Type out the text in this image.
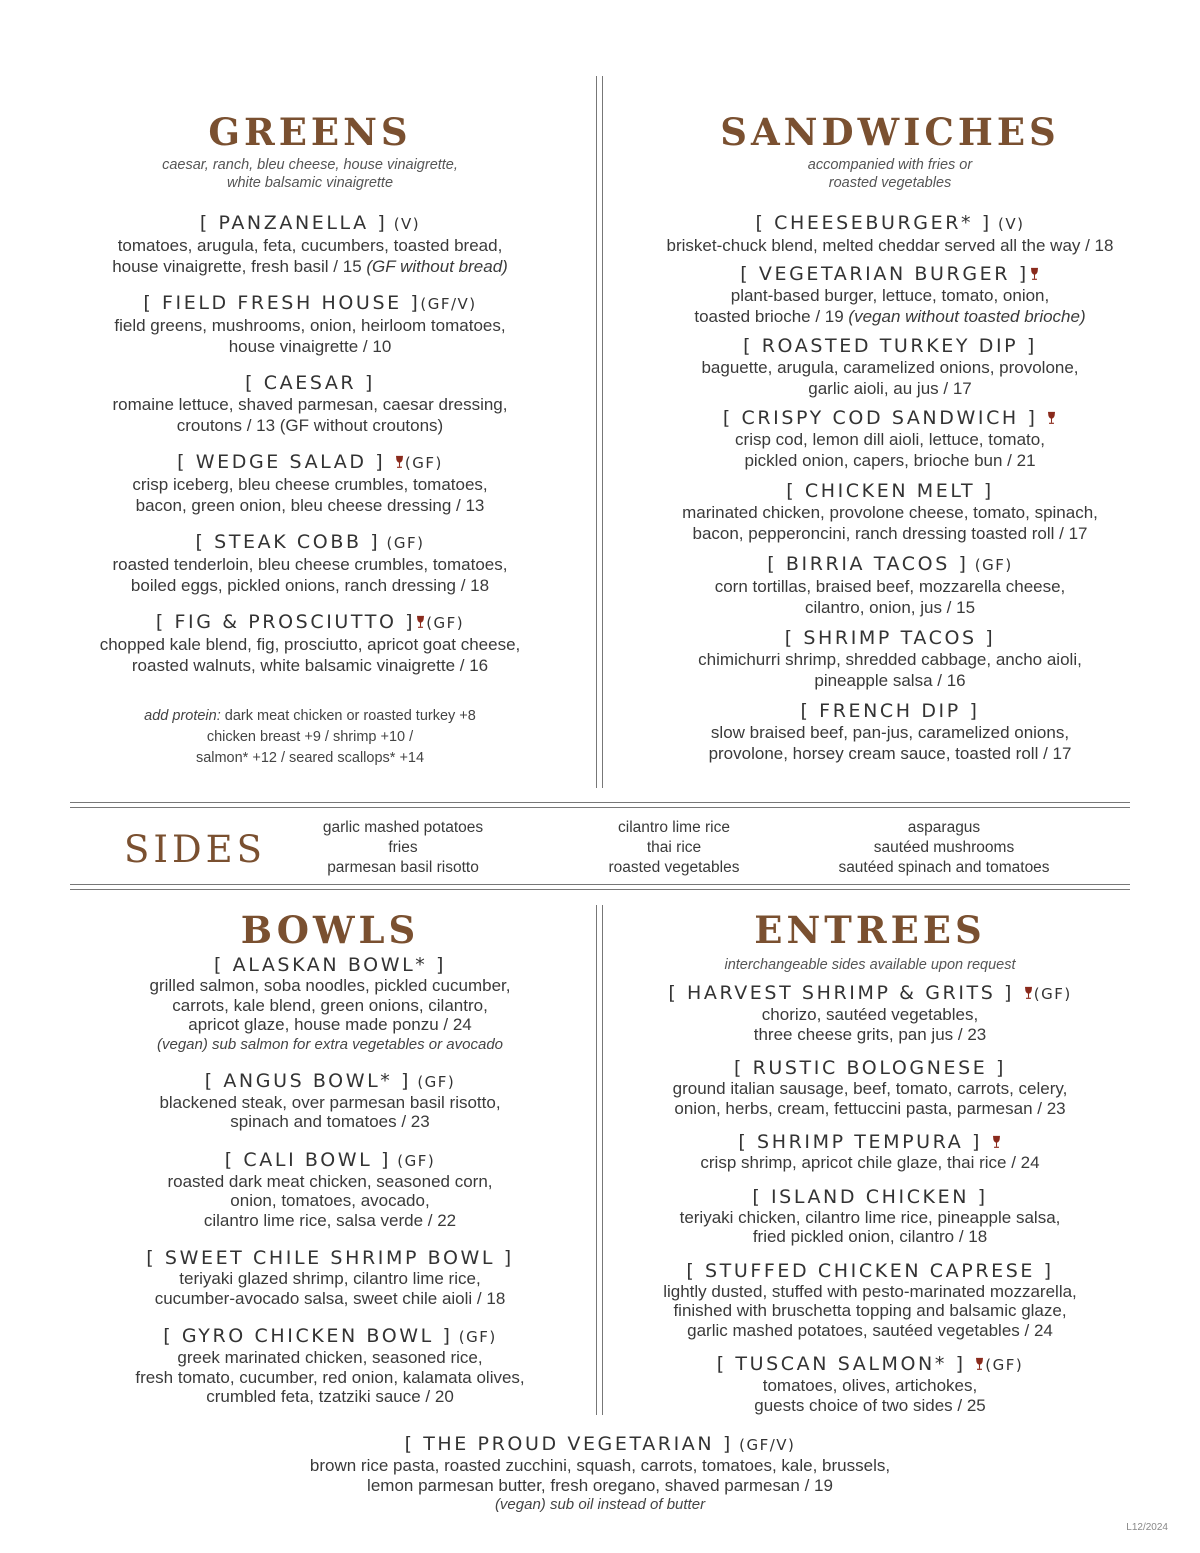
GREENS
caesar, ranch, bleu cheese, house vinaigrette,
white balsamic vinaigrette
[ PANZANELLA ] (V)
tomatoes, arugula, feta, cucumbers, toasted bread,
house vinaigrette, fresh basil / 15 (GF without bread)
[ FIELD FRESH HOUSE ](GF/V)
field greens, mushrooms, onion, heirloom tomatoes,
house vinaigrette / 10
[ CAESAR ]
romaine lettuce, shaved parmesan, caesar dressing,
croutons / 13 (GF without croutons)
[ WEDGE SALAD ] (GF)
crisp iceberg, bleu cheese crumbles, tomatoes,
bacon, green onion, bleu cheese dressing / 13
[ STEAK COBB ] (GF)
roasted tenderloin, bleu cheese crumbles, tomatoes,
boiled eggs, pickled onions, ranch dressing / 18
[ FIG & PROSCIUTTO ] (GF)
chopped kale blend, fig, prosciutto, apricot goat cheese,
roasted walnuts, white balsamic vinaigrette / 16
add protein: dark meat chicken or roasted turkey +8
chicken breast +9 / shrimp +10 /
salmon* +12 / seared scallops* +14
SANDWICHES
accompanied with fries or
roasted vegetables
[ CHEESEBURGER* ] (V)
brisket-chuck blend, melted cheddar served all the way / 18
[ VEGETARIAN BURGER ]
plant-based burger, lettuce, tomato, onion,
toasted brioche / 19 (vegan without toasted brioche)
[ ROASTED TURKEY DIP ]
baguette, arugula, caramelized onions, provolone,
garlic aioli, au jus / 17
[ CRISPY COD SANDWICH ]
crisp cod, lemon dill aioli, lettuce, tomato,
pickled onion, capers, brioche bun / 21
[ CHICKEN MELT ]
marinated chicken, provolone cheese, tomato, spinach,
bacon, pepperoncini, ranch dressing toasted roll / 17
[ BIRRIA TACOS ] (GF)
corn tortillas, braised beef, mozzarella cheese,
cilantro, onion, jus / 15
[ SHRIMP TACOS ]
chimichurri shrimp, shredded cabbage, ancho aioli,
pineapple salsa / 16
[ FRENCH DIP ]
slow braised beef, pan-jus, caramelized onions,
provolone, horsey cream sauce, toasted roll / 17
SIDES
garlic mashed potatoes
fries
parmesan basil risotto
cilantro lime rice
thai rice
roasted vegetables
asparagus
sautéed mushrooms
sautéed spinach and tomatoes
BOWLS
[ ALASKAN BOWL* ]
grilled salmon, soba noodles, pickled cucumber,
carrots, kale blend, green onions, cilantro,
apricot glaze, house made ponzu / 24
(vegan) sub salmon for extra vegetables or avocado
[ ANGUS BOWL* ] (GF)
blackened steak, over parmesan basil risotto,
spinach and tomatoes / 23
[ CALI BOWL ] (GF)
roasted dark meat chicken, seasoned corn,
onion, tomatoes, avocado,
cilantro lime rice, salsa verde / 22
[ SWEET CHILE SHRIMP BOWL ]
teriyaki glazed shrimp, cilantro lime rice,
cucumber-avocado salsa, sweet chile aioli / 18
[ GYRO CHICKEN BOWL ] (GF)
greek marinated chicken, seasoned rice,
fresh tomato, cucumber, red onion, kalamata olives,
crumbled feta, tzatziki sauce / 20
ENTREES
interchangeable sides available upon request
[ HARVEST SHRIMP & GRITS ] (GF)
chorizo, sautéed vegetables,
three cheese grits, pan jus / 23
[ RUSTIC BOLOGNESE ]
ground italian sausage, beef, tomato, carrots, celery,
onion, herbs, cream, fettuccini pasta, parmesan / 23
[ SHRIMP TEMPURA ]
crisp shrimp, apricot chile glaze, thai rice / 24
[ ISLAND CHICKEN ]
teriyaki chicken, cilantro lime rice, pineapple salsa,
fried pickled onion, cilantro / 18
[ STUFFED CHICKEN CAPRESE ]
lightly dusted, stuffed with pesto-marinated mozzarella,
finished with bruschetta topping and balsamic glaze,
garlic mashed potatoes, sautéed vegetables / 24
[ TUSCAN SALMON* ] (GF)
tomatoes, olives, artichokes,
guests choice of two sides / 25
[ THE PROUD VEGETARIAN ] (GF/V)
brown rice pasta, roasted zucchini, squash, carrots, tomatoes, kale, brussels,
lemon parmesan butter, fresh oregano, shaved parmesan / 19
(vegan) sub oil instead of butter
L12/2024
